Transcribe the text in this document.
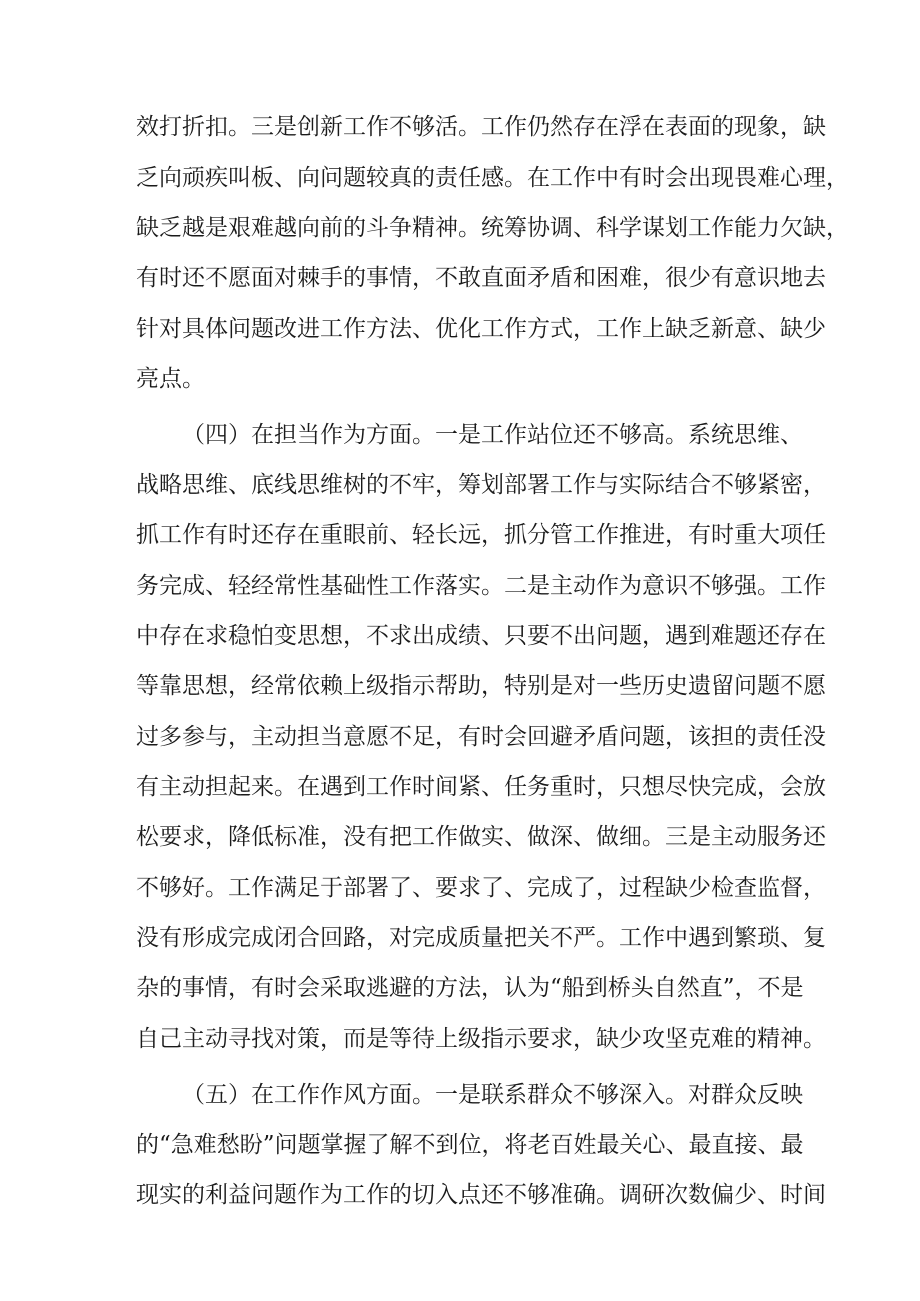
效打折扣。三是创新工作不够活。工作仍然存在浮在表面的现象，缺
乏向顽疾叫板、向问题较真的责任感。在工作中有时会出现畏难心理，
缺乏越是艰难越向前的斗争精神。统筹协调、科学谋划工作能力欠缺，
有时还不愿面对棘手的事情，不敢直面矛盾和困难，很少有意识地去
针对具体问题改进工作方法、优化工作方式，工作上缺乏新意、缺少
亮点。
（四）在担当作为方面。一是工作站位还不够高。系统思维、
战略思维、底线思维树的不牢，筹划部署工作与实际结合不够紧密，
抓工作有时还存在重眼前、轻长远，抓分管工作推进，有时重大项任
务完成、轻经常性基础性工作落实。二是主动作为意识不够强。工作
中存在求稳怕变思想，不求出成绩、只要不出问题，遇到难题还存在
等靠思想，经常依赖上级指示帮助，特别是对一些历史遗留问题不愿
过多参与，主动担当意愿不足，有时会回避矛盾问题，该担的责任没
有主动担起来。在遇到工作时间紧、任务重时，只想尽快完成，会放
松要求，降低标准，没有把工作做实、做深、做细。三是主动服务还
不够好。工作满足于部署了、要求了、完成了，过程缺少检查监督，
没有形成完成闭合回路，对完成质量把关不严。工作中遇到繁琐、复
杂的事情，有时会采取逃避的方法，认为“船到桥头自然直”，不是
自己主动寻找对策，而是等待上级指示要求，缺少攻坚克难的精神。
（五）在工作作风方面。一是联系群众不够深入。对群众反映
的“急难愁盼”问题掌握了解不到位，将老百姓最关心、最直接、最
现实的利益问题作为工作的切入点还不够准确。调研次数偏少、时间
